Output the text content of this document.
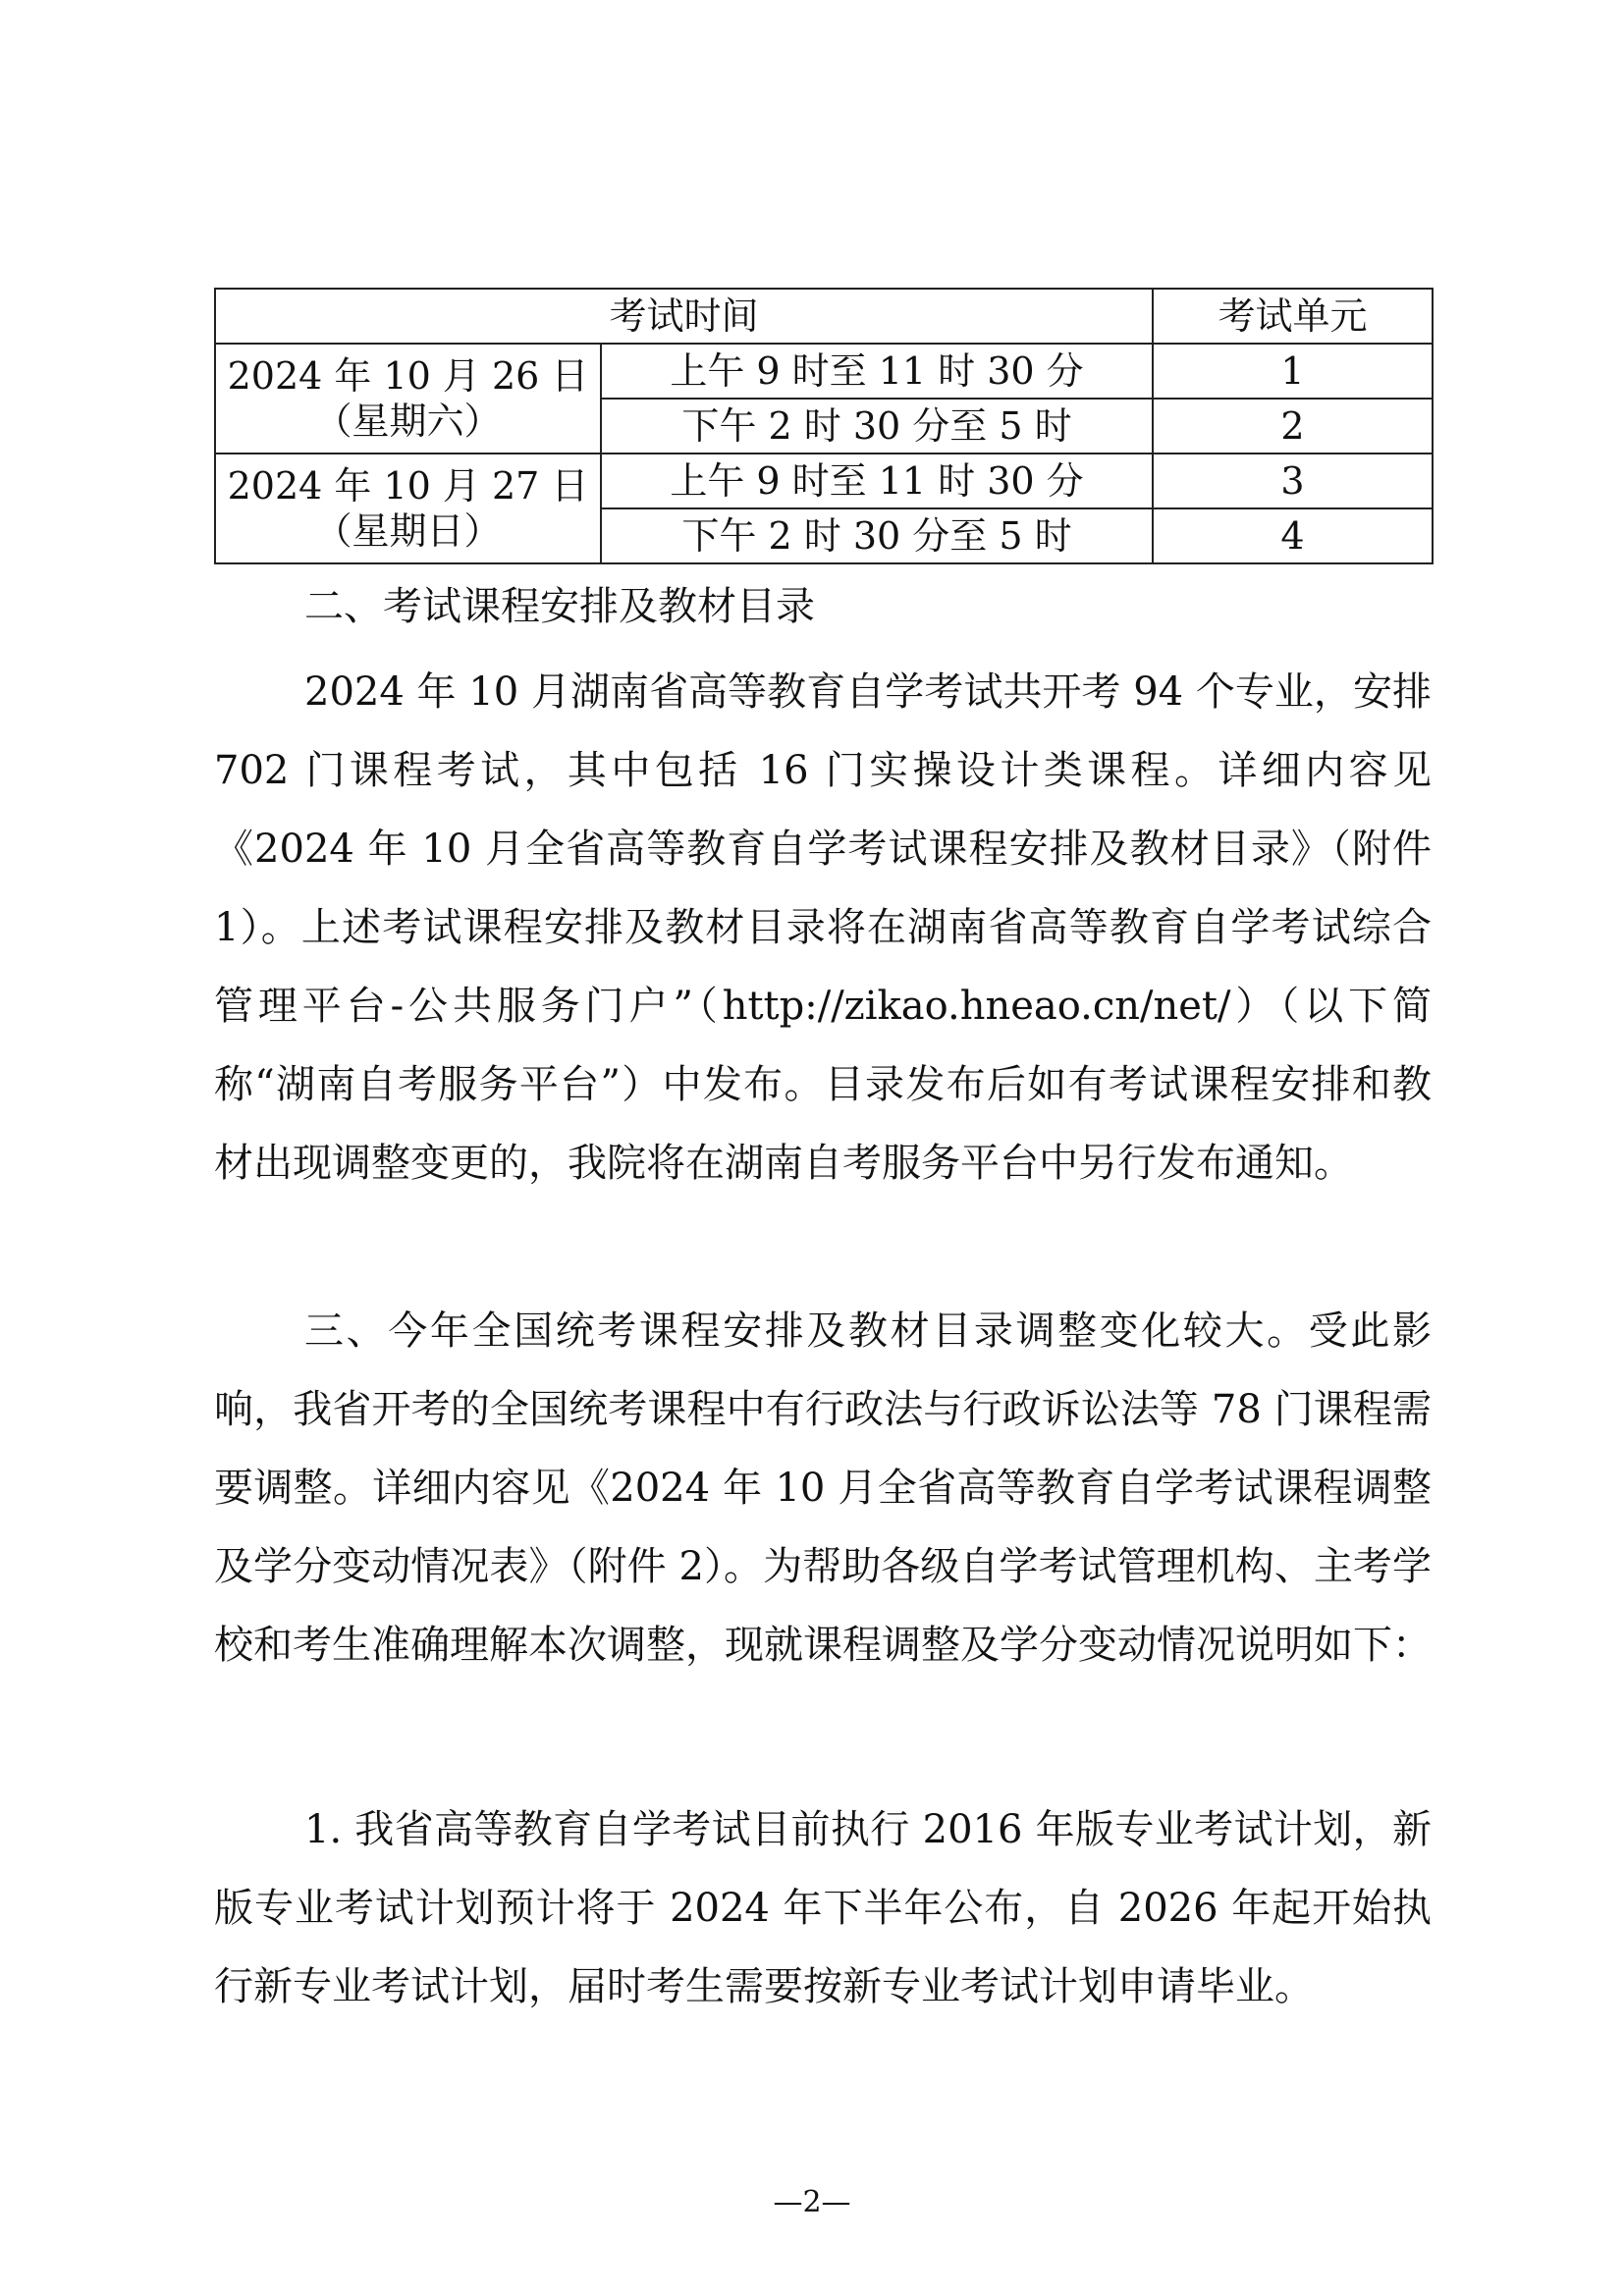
考试时间		考试单元

2024 年 10 月 26 日
（星期六）	上午 9 时至 11 时 30 分	1
	下午 2 时 30 分至 5 时	2

2024 年 10 月 27 日
（星期日）	上午 9 时至 11 时 30 分	3
	下午 2 时 30 分至 5 时	4
二、考试课程安排及教材目录

2024 年 10 月湖南省高等教育自学考试共开考 94 个专业，安排 702 门课程考试，其中包括 16 门实操设计类课程。详细内容见《2024 年 10 月全省高等教育自学考试课程安排及教材目录》（附件 1）。上述考试课程安排及教材目录将在湖南省高等教育自学考试综合管理平台-公共服务门户”（http://zikao.hneao.cn/net/）（以下简称“湖南自考服务平台”）中发布。目录发布后如有考试课程安排和教材出现调整变更的，我院将在湖南自考服务平台中另行发布通知。

三、今年全国统考课程安排及教材目录调整变化较大。受此影响，我省开考的全国统考课程中有行政法与行政诉讼法等 78 门课程需要调整。详细内容见《2024 年 10 月全省高等教育自学考试课程调整及学分变动情况表》（附件 2）。为帮助各级自学考试管理机构、主考学校和考生准确理解本次调整，现就课程调整及学分变动情况说明如下：

1. 我省高等教育自学考试目前执行 2016 年版专业考试计划，新版专业考试计划预计将于 2024 年下半年公布，自 2026 年起开始执行新专业考试计划，届时考生需要按新专业考试计划申请毕业。

—2—
